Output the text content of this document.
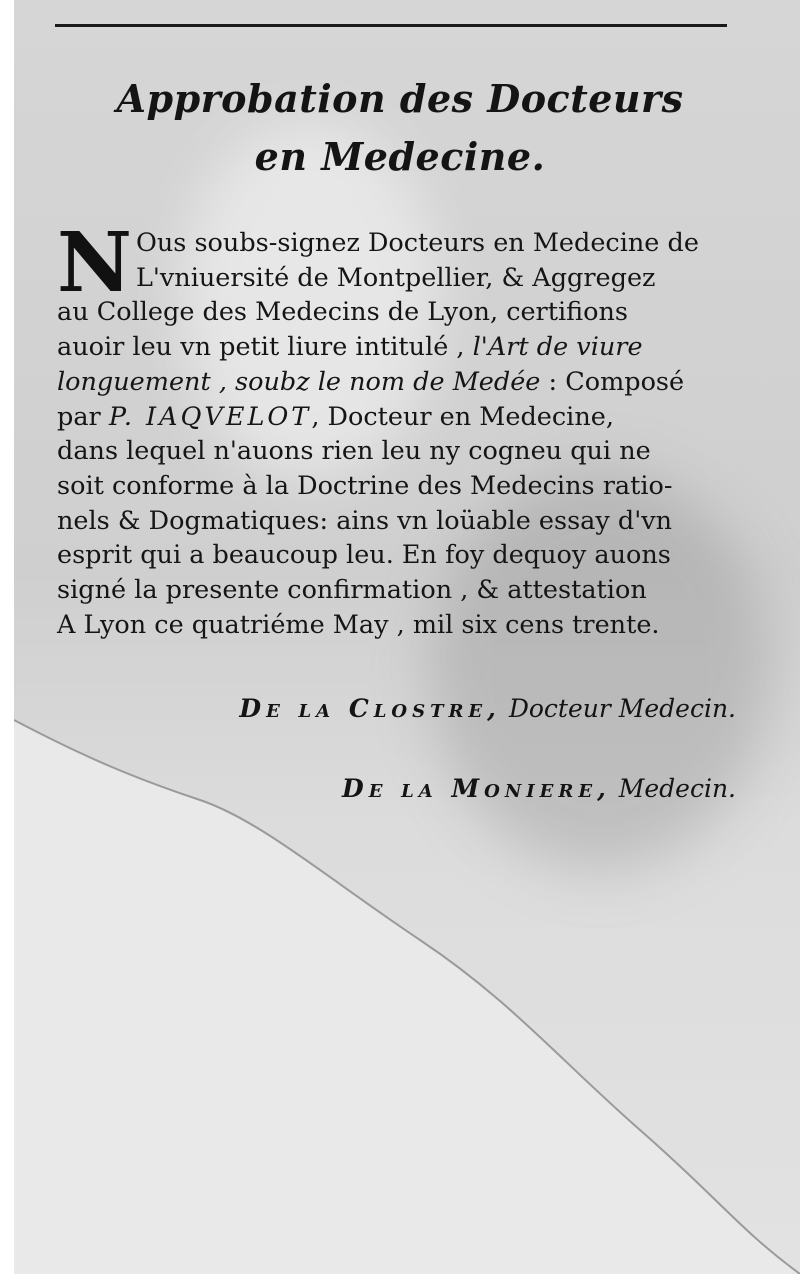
Approbation des Docteurs
en Medecine.
N Ous soubs-signez Docteurs en Medecine de
L'vniuersité de Montpellier, & Aggregez
au College des Medecins de Lyon, certifions
auoir leu vn petit liure intitulé , l'Art de viure
longuement , soubz le nom de Medée : Composé
par P. IAQVELOT, Docteur en Medecine,
dans lequel n'auons rien leu ny cogneu qui ne
soit conforme à la Doctrine des Medecins ratio-
nels & Dogmatiques: ains vn loüable essay d'vn
esprit qui a beaucoup leu. En foy dequoy auons
signé la presente confirmation , & attestation
A Lyon ce quatriéme May , mil six cens trente.
De la Clostre, Docteur Medecin.
De la Moniere, Medecin.
